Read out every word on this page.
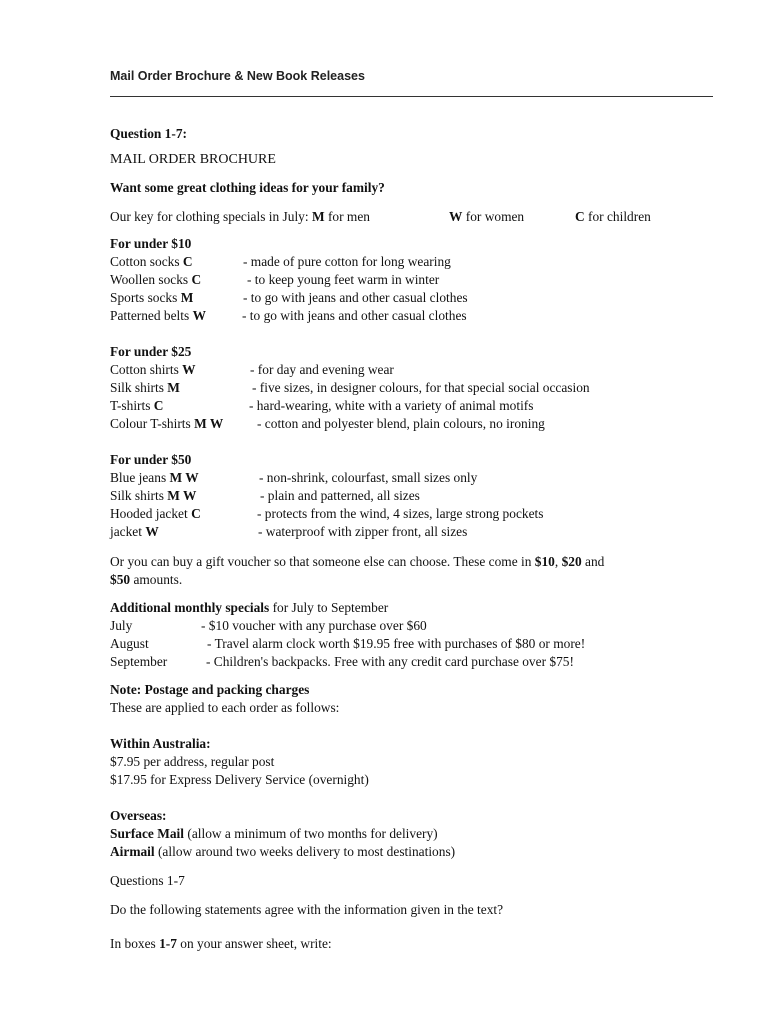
Mail Order Brochure & New Book Releases
Question 1-7:
MAIL ORDER BROCHURE
Want some great clothing ideas for your family?
Our key for clothing specials in July: M for men	W for women	C for children
For under $10
Cotton socks C	- made of pure cotton for long wearing
Woollen socks C	- to keep young feet warm in winter
Sports socks M	- to go with jeans and other casual clothes
Patterned belts W	- to go with jeans and other casual clothes
For under $25
Cotton shirts W	- for day and evening wear
Silk shirts M	- five sizes, in designer colours, for that special social occasion
T-shirts C	- hard-wearing, white with a variety of animal motifs
Colour T-shirts M W	- cotton and polyester blend, plain colours, no ironing
For under $50
Blue jeans M W	- non-shrink, colourfast, small sizes only
Silk shirts M W	- plain and patterned, all sizes
Hooded jacket C	- protects from the wind, 4 sizes, large strong pockets
jacket W	- waterproof with zipper front, all sizes
Or you can buy a gift voucher so that someone else can choose. These come in $10, $20 and
$50 amounts.
Additional monthly specials for July to September
July	- $10 voucher with any purchase over $60
August	- Travel alarm clock worth $19.95 free with purchases of $80 or more!
September	- Children's backpacks. Free with any credit card purchase over $75!
Note: Postage and packing charges
These are applied to each order as follows:
Within Australia:
$7.95 per address, regular post
$17.95 for Express Delivery Service (overnight)
Overseas:
Surface Mail (allow a minimum of two months for delivery)
Airmail (allow around two weeks delivery to most destinations)
Questions 1-7
Do the following statements agree with the information given in the text?
In boxes 1-7 on your answer sheet, write:
